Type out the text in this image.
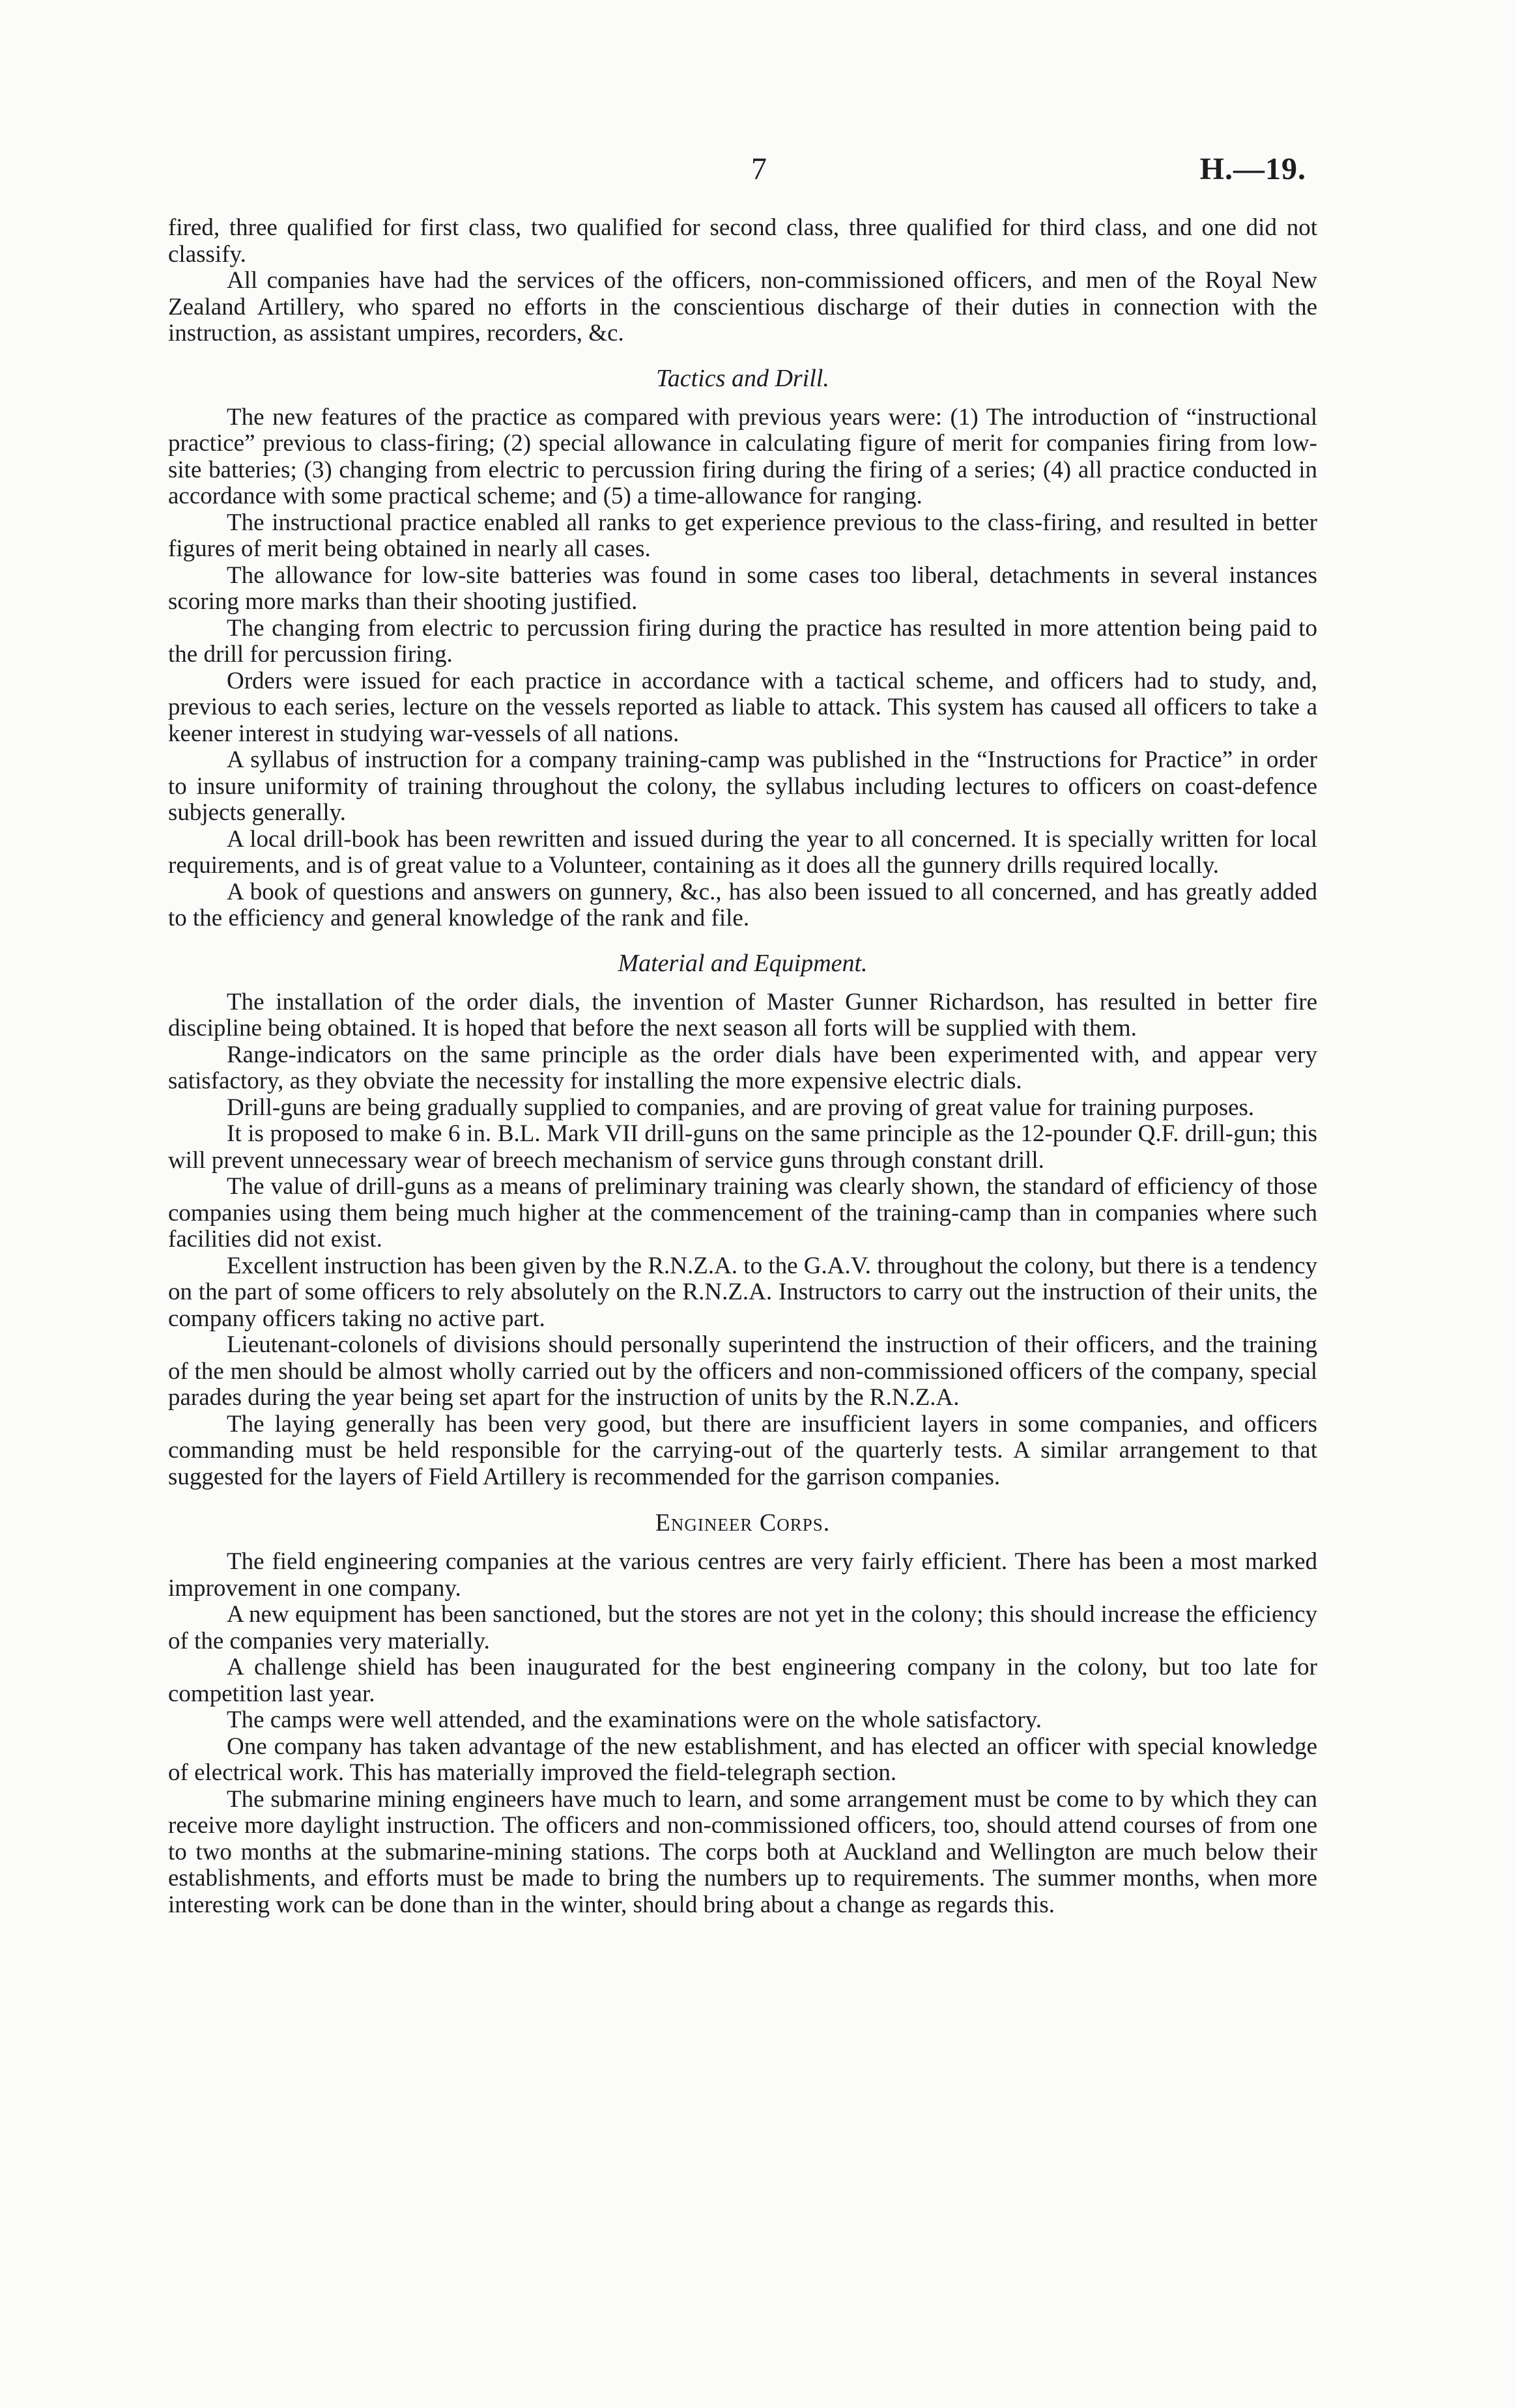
7	H.—19.

fired, three qualified for first class, two qualified for second class, three qualified for third class, and one did not classify.

All companies have had the services of the officers, non-commissioned officers, and men of the Royal New Zealand Artillery, who spared no efforts in the conscientious discharge of their duties in connection with the instruction, as assistant umpires, recorders, &c.

Tactics and Drill.

The new features of the practice as compared with previous years were: (1) The introduction of “instructional practice” previous to class-firing; (2) special allowance in calculating figure of merit for companies firing from low-site batteries; (3) changing from electric to percussion firing during the firing of a series; (4) all practice conducted in accordance with some practical scheme; and (5) a time-allowance for ranging.

The instructional practice enabled all ranks to get experience previous to the class-firing, and resulted in better figures of merit being obtained in nearly all cases.

The allowance for low-site batteries was found in some cases too liberal, detachments in several instances scoring more marks than their shooting justified.

The changing from electric to percussion firing during the practice has resulted in more attention being paid to the drill for percussion firing.

Orders were issued for each practice in accordance with a tactical scheme, and officers had to study, and, previous to each series, lecture on the vessels reported as liable to attack. This system has caused all officers to take a keener interest in studying war-vessels of all nations.

A syllabus of instruction for a company training-camp was published in the “Instructions for Practice” in order to insure uniformity of training throughout the colony, the syllabus including lectures to officers on coast-defence subjects generally.

A local drill-book has been rewritten and issued during the year to all concerned. It is specially written for local requirements, and is of great value to a Volunteer, containing as it does all the gunnery drills required locally.

A book of questions and answers on gunnery, &c., has also been issued to all concerned, and has greatly added to the efficiency and general knowledge of the rank and file.

Material and Equipment.

The installation of the order dials, the invention of Master Gunner Richardson, has resulted in better fire discipline being obtained. It is hoped that before the next season all forts will be supplied with them.

Range-indicators on the same principle as the order dials have been experimented with, and appear very satisfactory, as they obviate the necessity for installing the more expensive electric dials.

Drill-guns are being gradually supplied to companies, and are proving of great value for training purposes.

It is proposed to make 6 in. B.L. Mark VII drill-guns on the same principle as the 12-pounder Q.F. drill-gun; this will prevent unnecessary wear of breech mechanism of service guns through constant drill.

The value of drill-guns as a means of preliminary training was clearly shown, the standard of efficiency of those companies using them being much higher at the commencement of the training-camp than in companies where such facilities did not exist.

Excellent instruction has been given by the R.N.Z.A. to the G.A.V. throughout the colony, but there is a tendency on the part of some officers to rely absolutely on the R.N.Z.A. Instructors to carry out the instruction of their units, the company officers taking no active part.

Lieutenant-colonels of divisions should personally superintend the instruction of their officers, and the training of the men should be almost wholly carried out by the officers and non-commissioned officers of the company, special parades during the year being set apart for the instruction of units by the R.N.Z.A.

The laying generally has been very good, but there are insufficient layers in some companies, and officers commanding must be held responsible for the carrying-out of the quarterly tests. A similar arrangement to that suggested for the layers of Field Artillery is recommended for the garrison companies.

Engineer Corps.

The field engineering companies at the various centres are very fairly efficient. There has been a most marked improvement in one company.

A new equipment has been sanctioned, but the stores are not yet in the colony; this should increase the efficiency of the companies very materially.

A challenge shield has been inaugurated for the best engineering company in the colony, but too late for competition last year.

The camps were well attended, and the examinations were on the whole satisfactory.

One company has taken advantage of the new establishment, and has elected an officer with special knowledge of electrical work. This has materially improved the field-telegraph section.

The submarine mining engineers have much to learn, and some arrangement must be come to by which they can receive more daylight instruction. The officers and non-commissioned officers, too, should attend courses of from one to two months at the submarine-mining stations. The corps both at Auckland and Wellington are much below their establishments, and efforts must be made to bring the numbers up to requirements. The summer months, when more interesting work can be done than in the winter, should bring about a change as regards this.
